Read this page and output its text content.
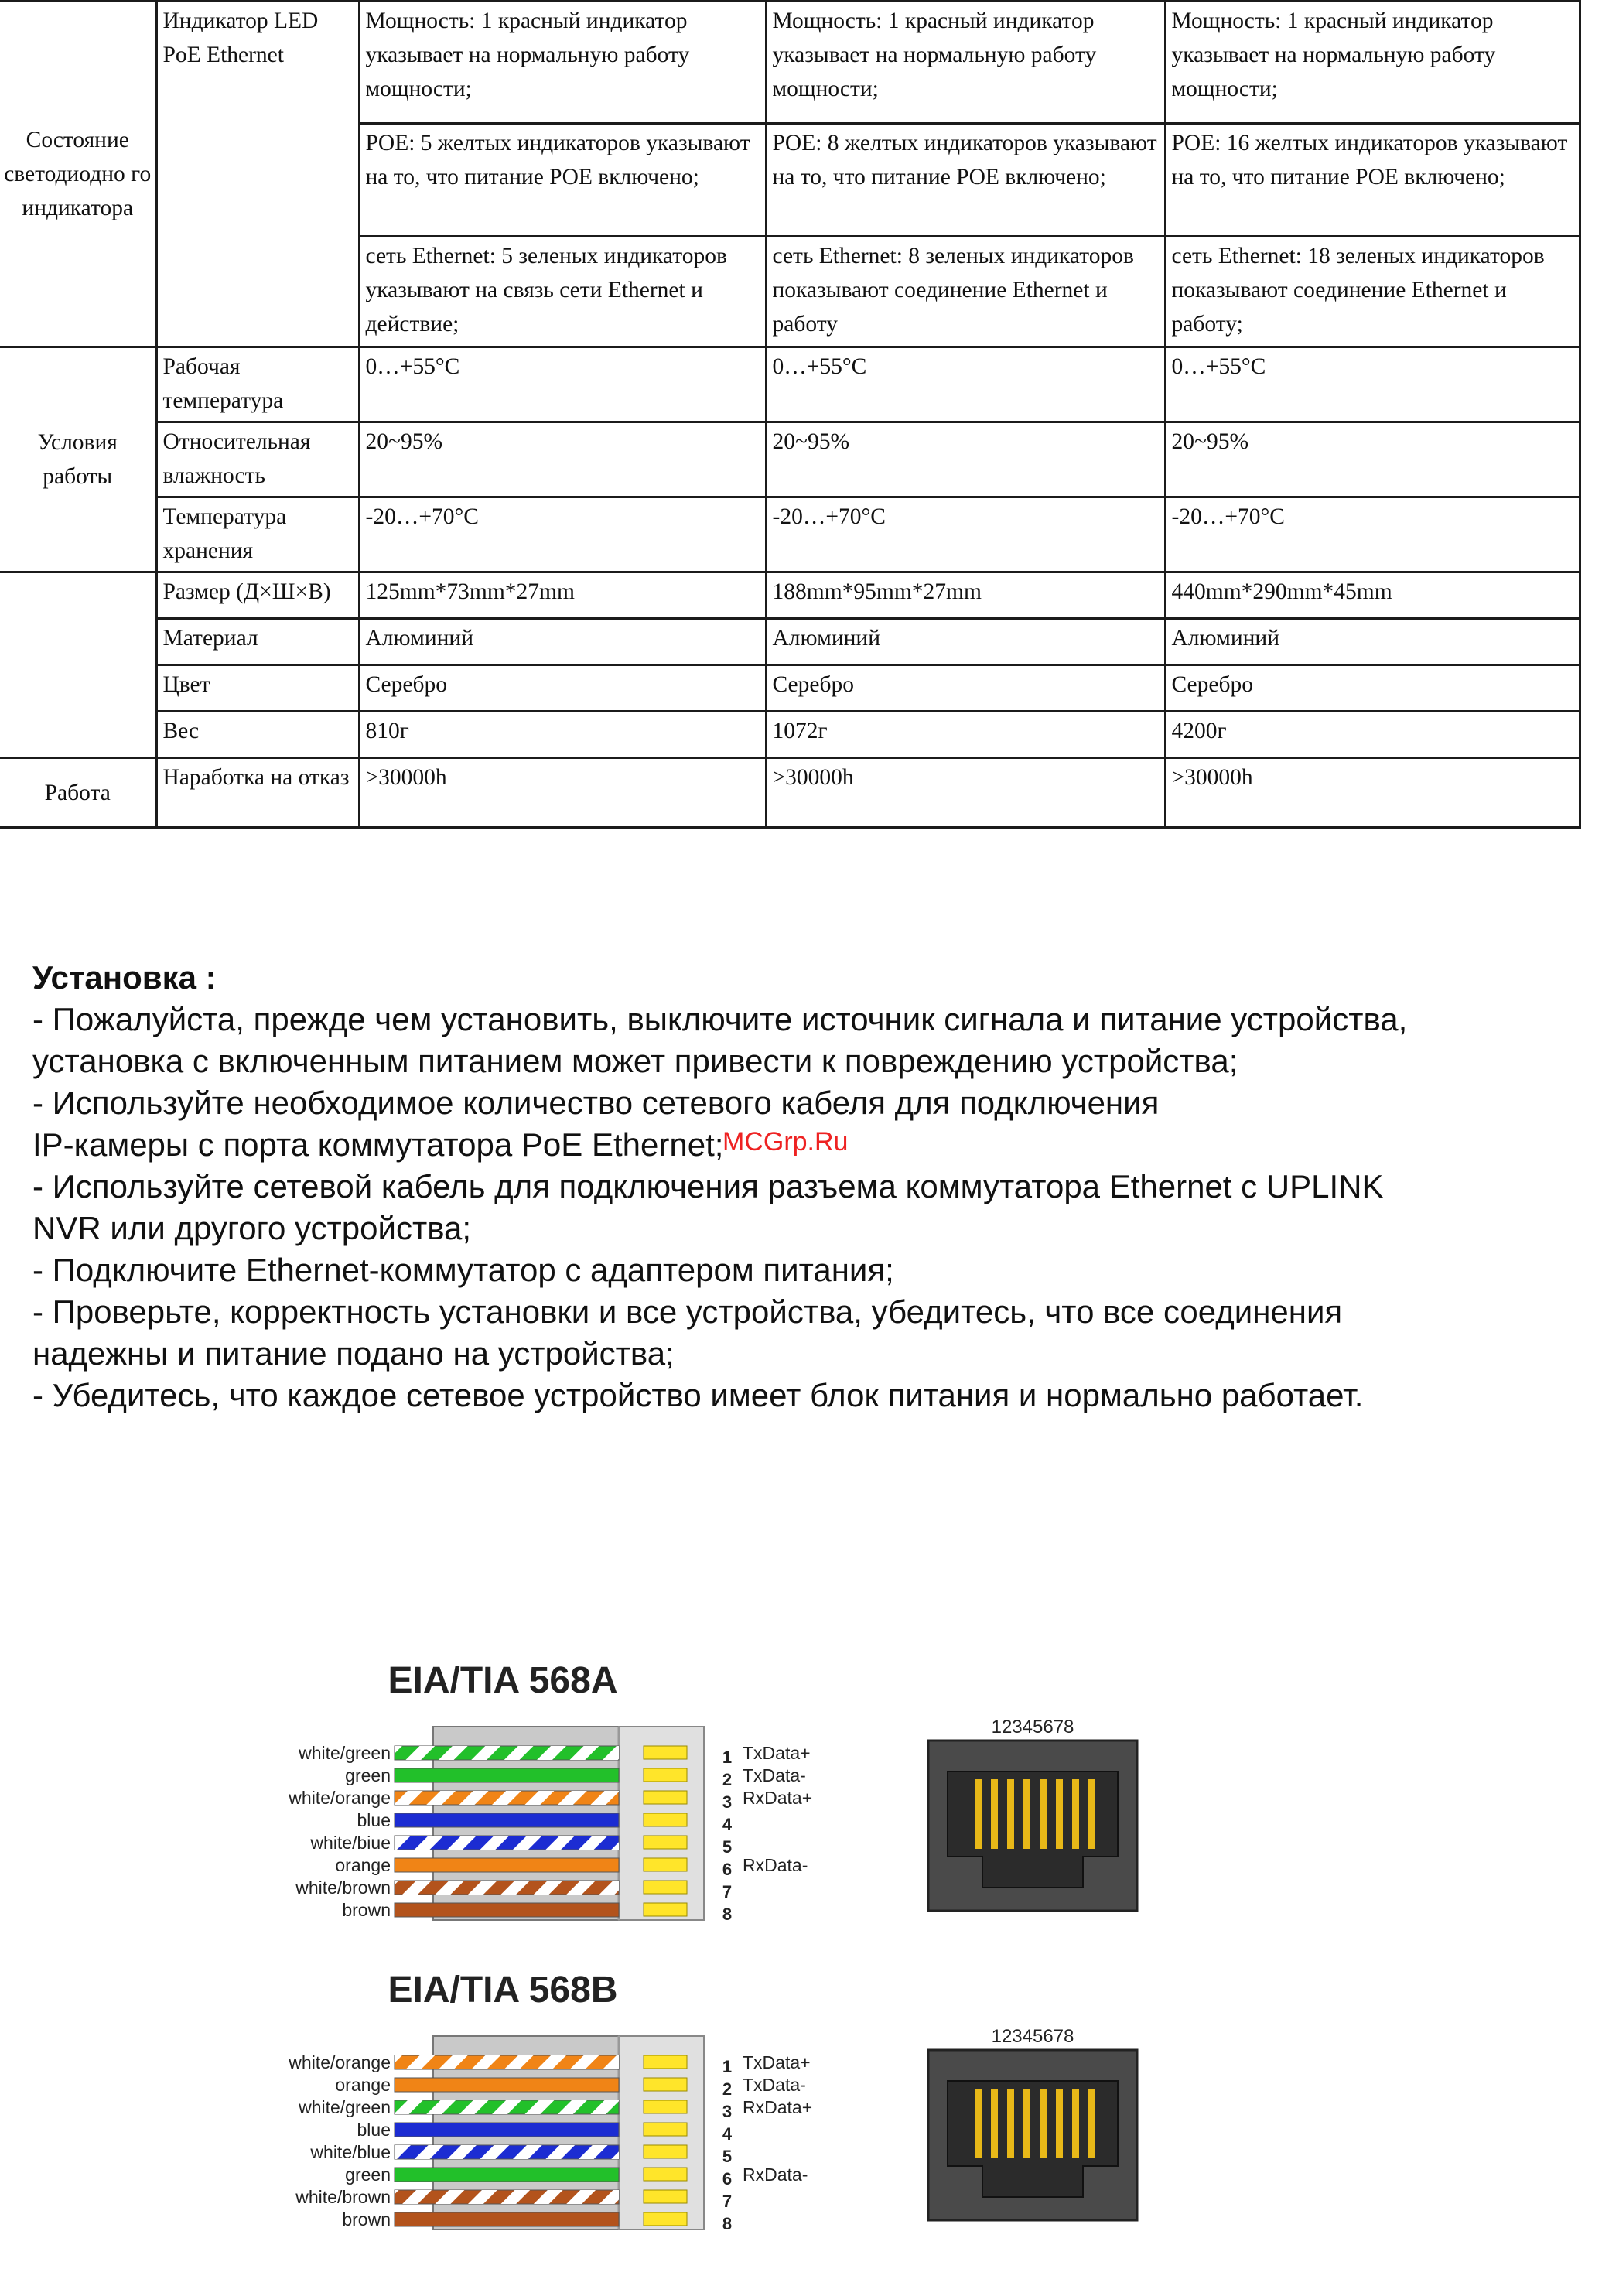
Состояние светодиодно го индикатора	Индикатор LED PoE Ethernet	Мощность: 1 красный индикатор указывает на нормальную работу мощности;	Мощность: 1 красный индикатор указывает на нормальную работу мощности;	Мощность: 1 красный индикатор указывает на нормальную работу мощности;
		POE: 5 желтых индикаторов указывают на то, что питание POE включено;	POE: 8 желтых индикаторов указывают на то, что питание POE включено;	POE: 16 желтых индикаторов указывают на то, что питание POE включено;
		сеть Ethernet: 5 зеленых индикаторов указывают на связь сети Ethernet и действие;	сеть Ethernet: 8 зеленых индикаторов показывают соединение Ethernet и работу	сеть Ethernet: 18 зеленых индикаторов показывают соединение Ethernet и работу;
Условия работы	Рабочая температура	0…+55°C	0…+55°C	0…+55°C
	Относительная влажность	20~95%	20~95%	20~95%
	Температура хранения	-20…+70°C	-20…+70°C	-20…+70°C
	Размер (Д×Ш×В)	125mm*73mm*27mm	188mm*95mm*27mm	440mm*290mm*45mm
	Материал	Алюминий	Алюминий	Алюминий
	Цвет	Серебро	Серебро	Серебро
	Вес	810г	1072г	4200г
Работа	Наработка на отказ	>30000h	>30000h	>30000h
Установка :

- Пожалуйста, прежде чем установить, выключите источник сигнала и питание устройства,

установка с включенным питанием может привести к повреждению устройства;

- Используйте необходимое количество сетевого кабеля для подключения

IP-камеры с порта коммутатора PoE Ethernet;

- Используйте сетевой кабель для подключения разъема коммутатора Ethernet с UPLINK

NVR или другого устройства;

- Подключите Ethernet-коммутатор с адаптером питания;

- Проверьте, корректность установки и все устройства, убедитесь, что все соединения

надежны и питание подано на устройства;

- Убедитесь, что каждое сетевое устройство имеет блок питания и нормально работает.

MCGrp.Ru
EIA/TIA 568A
white/green	1 TxData+
green	2 TxData-
white/orange	3 RxData+
blue	4
white/biue	5
orange	6 RxData-
white/brown	7
brown	8
12345678
EIA/TIA 568B
white/orange	1 TxData+
orange	2 TxData-
white/green	3 RxData+
blue	4
white/blue	5
green	6 RxData-
white/brown	7
brown	8
12345678
